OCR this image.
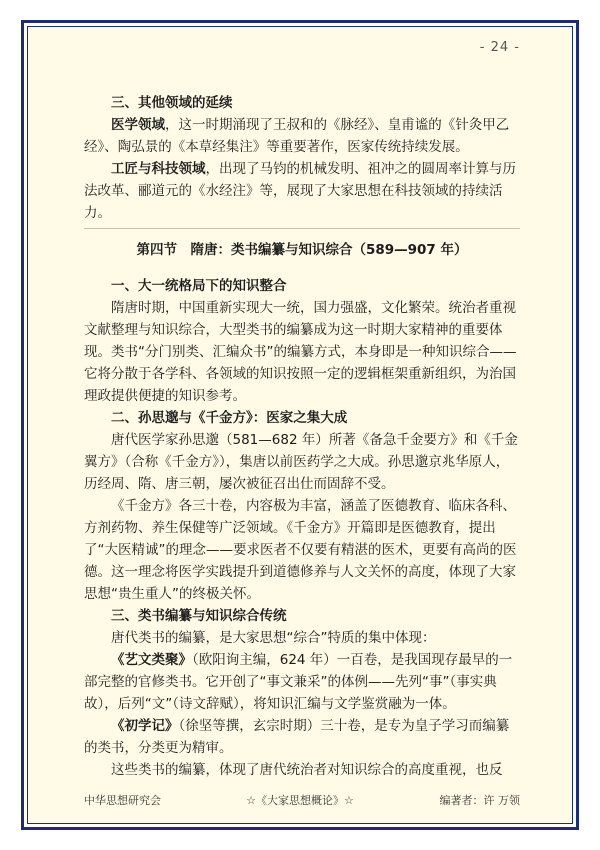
- 24 -

三、其他领域的延续

医学领域，这一时期涌现了王叔和的《脉经》、皇甫谧的《针灸甲乙经》、陶弘景的《本草经集注》等重要著作，医家传统持续发展。

工匠与科技领域，出现了马钧的机械发明、祖冲之的圆周率计算与历法改革、郦道元的《水经注》等，展现了大家思想在科技领域的持续活力。

第四节　隋唐：类书编纂与知识综合（589—907 年）

一、大一统格局下的知识整合

隋唐时期，中国重新实现大一统，国力强盛，文化繁荣。统治者重视文献整理与知识综合，大型类书的编纂成为这一时期大家精神的重要体现。类书“分门别类、汇编众书”的编纂方式，本身即是一种知识综合——它将分散于各学科、各领域的知识按照一定的逻辑框架重新组织，为治国理政提供便捷的知识参考。

二、孙思邈与《千金方》：医家之集大成

唐代医学家孙思邈（581—682 年）所著《备急千金要方》和《千金翼方》（合称《千金方》），集唐以前医药学之大成。孙思邈京兆华原人，历经周、隋、唐三朝，屡次被征召出仕而固辞不受。

《千金方》各三十卷，内容极为丰富，涵盖了医德教育、临床各科、方剂药物、养生保健等广泛领域。《千金方》开篇即是医德教育，提出了“大医精诚”的理念——要求医者不仅要有精湛的医术，更要有高尚的医德。这一理念将医学实践提升到道德修养与人文关怀的高度，体现了大家思想“贵生重人”的终极关怀。

三、类书编纂与知识综合传统

唐代类书的编纂，是大家思想“综合”特质的集中体现：

《艺文类聚》（欧阳询主编，624 年）一百卷，是我国现存最早的一部完整的官修类书。它开创了“事文兼采”的体例——先列“事”（事实典故），后列“文”（诗文辞赋），将知识汇编与文学鉴赏融为一体。

《初学记》（徐坚等撰，玄宗时期）三十卷，是专为皇子学习而编纂的类书，分类更为精审。

这些类书的编纂，体现了唐代统治者对知识综合的高度重视，也反

中华思想研究会	☆《大家思想概论》☆	编著者：许 万领
